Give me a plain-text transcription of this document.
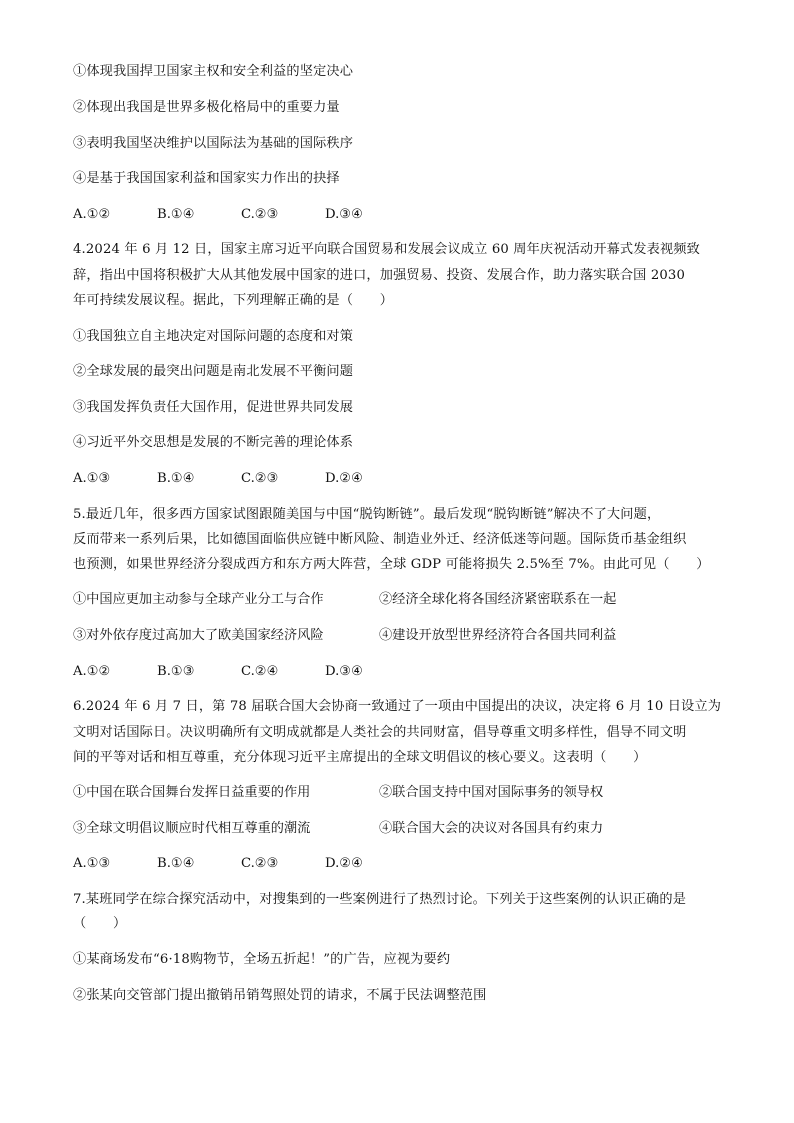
①体现我国捍卫国家主权和安全利益的坚定决心
②体现出我国是世界多极化格局中的重要力量
③表明我国坚决维护以国际法为基础的国际秩序
④是基于我国国家利益和国家实力作出的抉择
A.①②	B.①④	C.②③	D.③④
4.2024 年 6 月 12 日，国家主席习近平向联合国贸易和发展会议成立 60 周年庆祝活动开幕式发表视频致
辞，指出中国将积极扩大从其他发展中国家的进口，加强贸易、投资、发展合作，助力落实联合国 2030
年可持续发展议程。据此，下列理解正确的是（　　）
①我国独立自主地决定对国际问题的态度和对策
②全球发展的最突出问题是南北发展不平衡问题
③我国发挥负责任大国作用，促进世界共同发展
④习近平外交思想是发展的不断完善的理论体系
A.①③	B.①④	C.②③	D.②④
5.最近几年，很多西方国家试图跟随美国与中国“脱钩断链”。最后发现“脱钩断链”解决不了大问题，
反而带来一系列后果，比如德国面临供应链中断风险、制造业外迁、经济低迷等问题。国际货币基金组织
也预测，如果世界经济分裂成西方和东方两大阵营，全球 GDP 可能将损失 2.5%至 7%。由此可见（　　）
①中国应更加主动参与全球产业分工与合作	②经济全球化将各国经济紧密联系在一起
③对外依存度过高加大了欧美国家经济风险	④建设开放型世界经济符合各国共同利益
A.①②	B.①③	C.②④	D.③④
6.2024 年 6 月 7 日，第 78 届联合国大会协商一致通过了一项由中国提出的决议，决定将 6 月 10 日设立为
文明对话国际日。决议明确所有文明成就都是人类社会的共同财富，倡导尊重文明多样性，倡导不同文明
间的平等对话和相互尊重，充分体现习近平主席提出的全球文明倡议的核心要义。这表明（　　）
①中国在联合国舞台发挥日益重要的作用	②联合国支持中国对国际事务的领导权
③全球文明倡议顺应时代相互尊重的潮流	④联合国大会的决议对各国具有约束力
A.①③	B.①④	C.②③	D.②④
7.某班同学在综合探究活动中，对搜集到的一些案例进行了热烈讨论。下列关于这些案例的认识正确的是
（　　）
①某商场发布“6·18购物节，全场五折起！”的广告，应视为要约
②张某向交管部门提出撤销吊销驾照处罚的请求，不属于民法调整范围
